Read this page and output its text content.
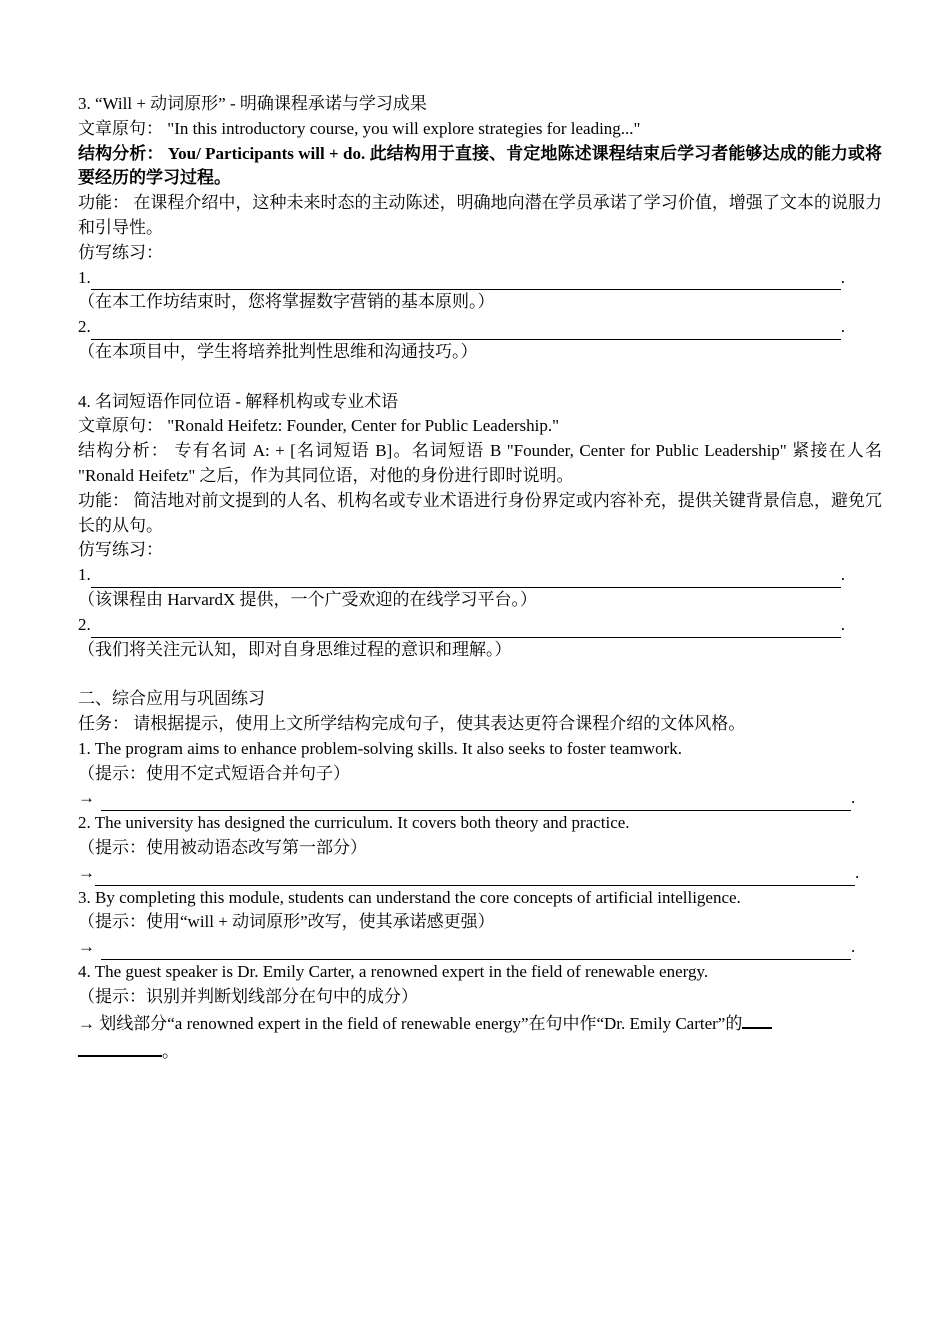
3. “Will + 动词原形” - 明确课程承诺与学习成果
文章原句： "In this introductory course, you will explore strategies for leading..."
结构分析： You/ Participants will + do. 此结构用于直接、肯定地陈述课程结束后学习者能够达成的能力或将要经历的学习过程。
功能： 在课程介绍中，这种未来时态的主动陈述，明确地向潜在学员承诺了学习价值，增强了文本的说服力和引导性。
仿写练习：
1.	.
（在本工作坊结束时，您将掌握数字营销的基本原则。）
2.	.
（在本项目中，学生将培养批判性思维和沟通技巧。）
4. 名词短语作同位语 - 解释机构或专业术语
文章原句： "Ronald Heifetz: Founder, Center for Public Leadership."
结构分析： 专有名词 A: + [名词短语 B]。名词短语 B "Founder, Center for Public Leadership" 紧接在人名 "Ronald Heifetz" 之后，作为其同位语，对他的身份进行即时说明。
功能： 简洁地对前文提到的人名、机构名或专业术语进行身份界定或内容补充，提供关键背景信息，避免冗长的从句。
仿写练习：
1.	.
（该课程由 HarvardX 提供，一个广受欢迎的在线学习平台。）
2.	.
（我们将关注元认知，即对自身思维过程的意识和理解。）
二、综合应用与巩固练习
任务： 请根据提示，使用上文所学结构完成句子，使其表达更符合课程介绍的文体风格。
1. The program aims to enhance problem-solving skills. It also seeks to foster teamwork.
（提示：使用不定式短语合并句子）
→	.
2. The university has designed the curriculum. It covers both theory and practice.
（提示：使用被动语态改写第一部分）
→	.
3. By completing this module, students can understand the core concepts of artificial intelligence.
（提示：使用“will + 动词原形”改写，使其承诺感更强）
→	.
4. The guest speaker is Dr. Emily Carter, a renowned expert in the field of renewable energy.
（提示：识别并判断划线部分在句中的成分）
→ 划线部分“a renowned expert in the field of renewable energy”在句中作“Dr. Emily Carter”的
。
